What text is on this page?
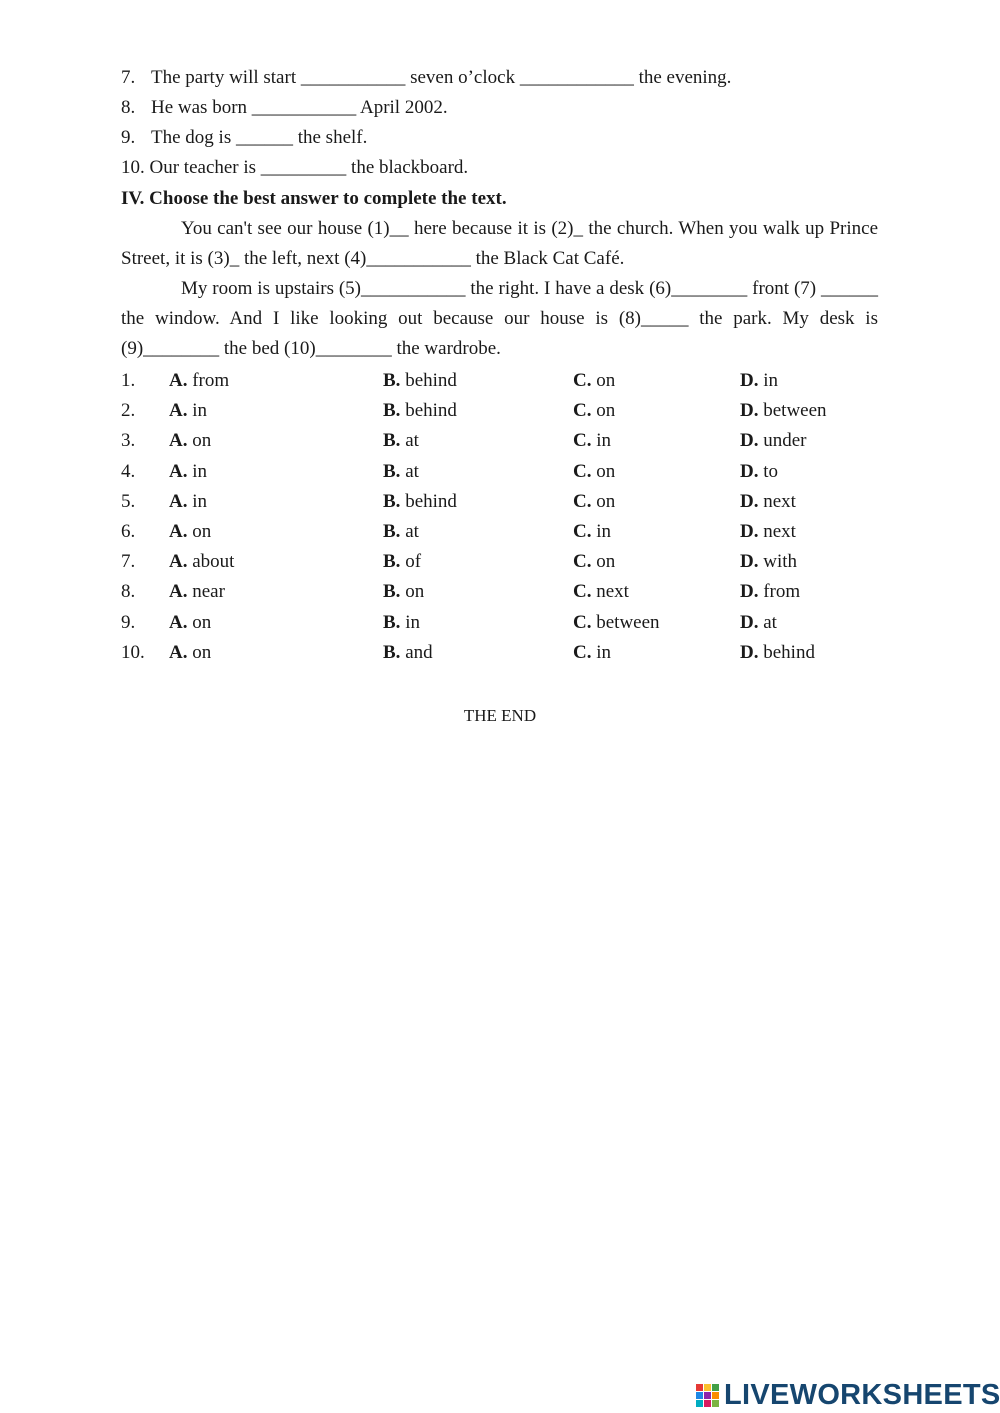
7. The party will start ___________ seven o’clock ____________ the evening.
8. He was born ___________ April 2002.
9. The dog is ______ the shelf.
10. Our teacher is _________ the blackboard.
IV. Choose the best answer to complete the text.

You can't see our house (1)__ here because it is (2)_ the church. When you walk up Prince Street, it is (3)_ the left, next (4)___________ the Black Cat Café.

My room is upstairs (5)___________ the right. I have a desk (6)________ front (7) ______ the window. And I like looking out because our house is (8)_____ the park. My desk is (9)________ the bed (10)________ the wardrobe.

1.	A. from	B. behind	C. on	D. in
2.	A. in	B. behind	C. on	D. between
3.	A. on	B. at	C. in	D. under
4.	A. in	B. at	C. on	D. to
5.	A. in	B. behind	C. on	D. next
6.	A. on	B. at	C. in	D. next
7.	A. about	B. of	C. on	D. with
8.	A. near	B. on	C. next	D. from
9.	A. on	B. in	C. between	D. at
10.	A. on	B. and	C. in	D. behind
THE END
LIVEWORKSHEETS
